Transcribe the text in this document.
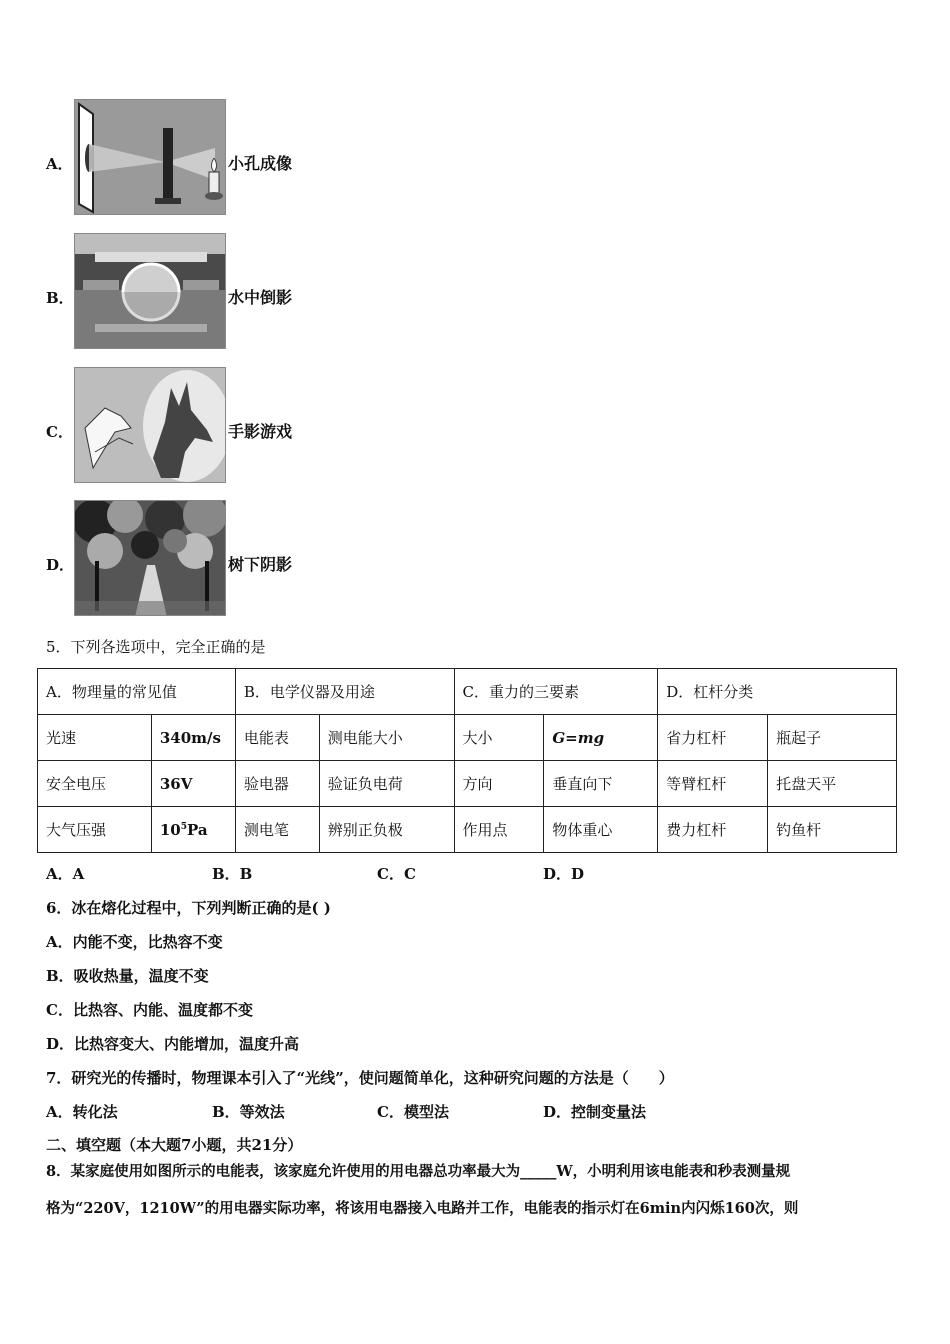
A．	小孔成像
B．	水中倒影
C．	手影游戏
D．	树下阴影
5．下列各选项中，完全正确的是
A．物理量的常见值		B．电学仪器及用途		C．重力的三要素		D．杠杆分类	
光速	340m/s	电能表	测电能大小	大小	G=mg	省力杠杆	瓶起子
安全电压	36V	验电器	验证负电荷	方向	垂直向下	等臂杠杆	托盘天平
大气压强	$10^5Pa$	测电笔	辨别正负极	作用点	物体重心	费力杠杆	钓鱼杆
A．A	B．B	C．C	D．D
6．冰在熔化过程中，下列判断正确的是( )
A．内能不变，比热容不变
B．吸收热量，温度不变
C．比热容、内能、温度都不变
D．比热容变大、内能增加，温度升高
7．研究光的传播时，物理课本引入了“光线”，使问题简单化，这种研究问题的方法是（　　）
A．转化法	B．等效法	C．模型法	D．控制变量法
二、填空题（本大题7小题，共21分）
8．某家庭使用如图所示的电能表，该家庭允许使用的用电器总功率最大为_____W，小明利用该电能表和秒表测量规
格为“220V，1210W”的用电器实际功率，将该用电器接入电路并工作，电能表的指示灯在6min内闪烁160次，则
